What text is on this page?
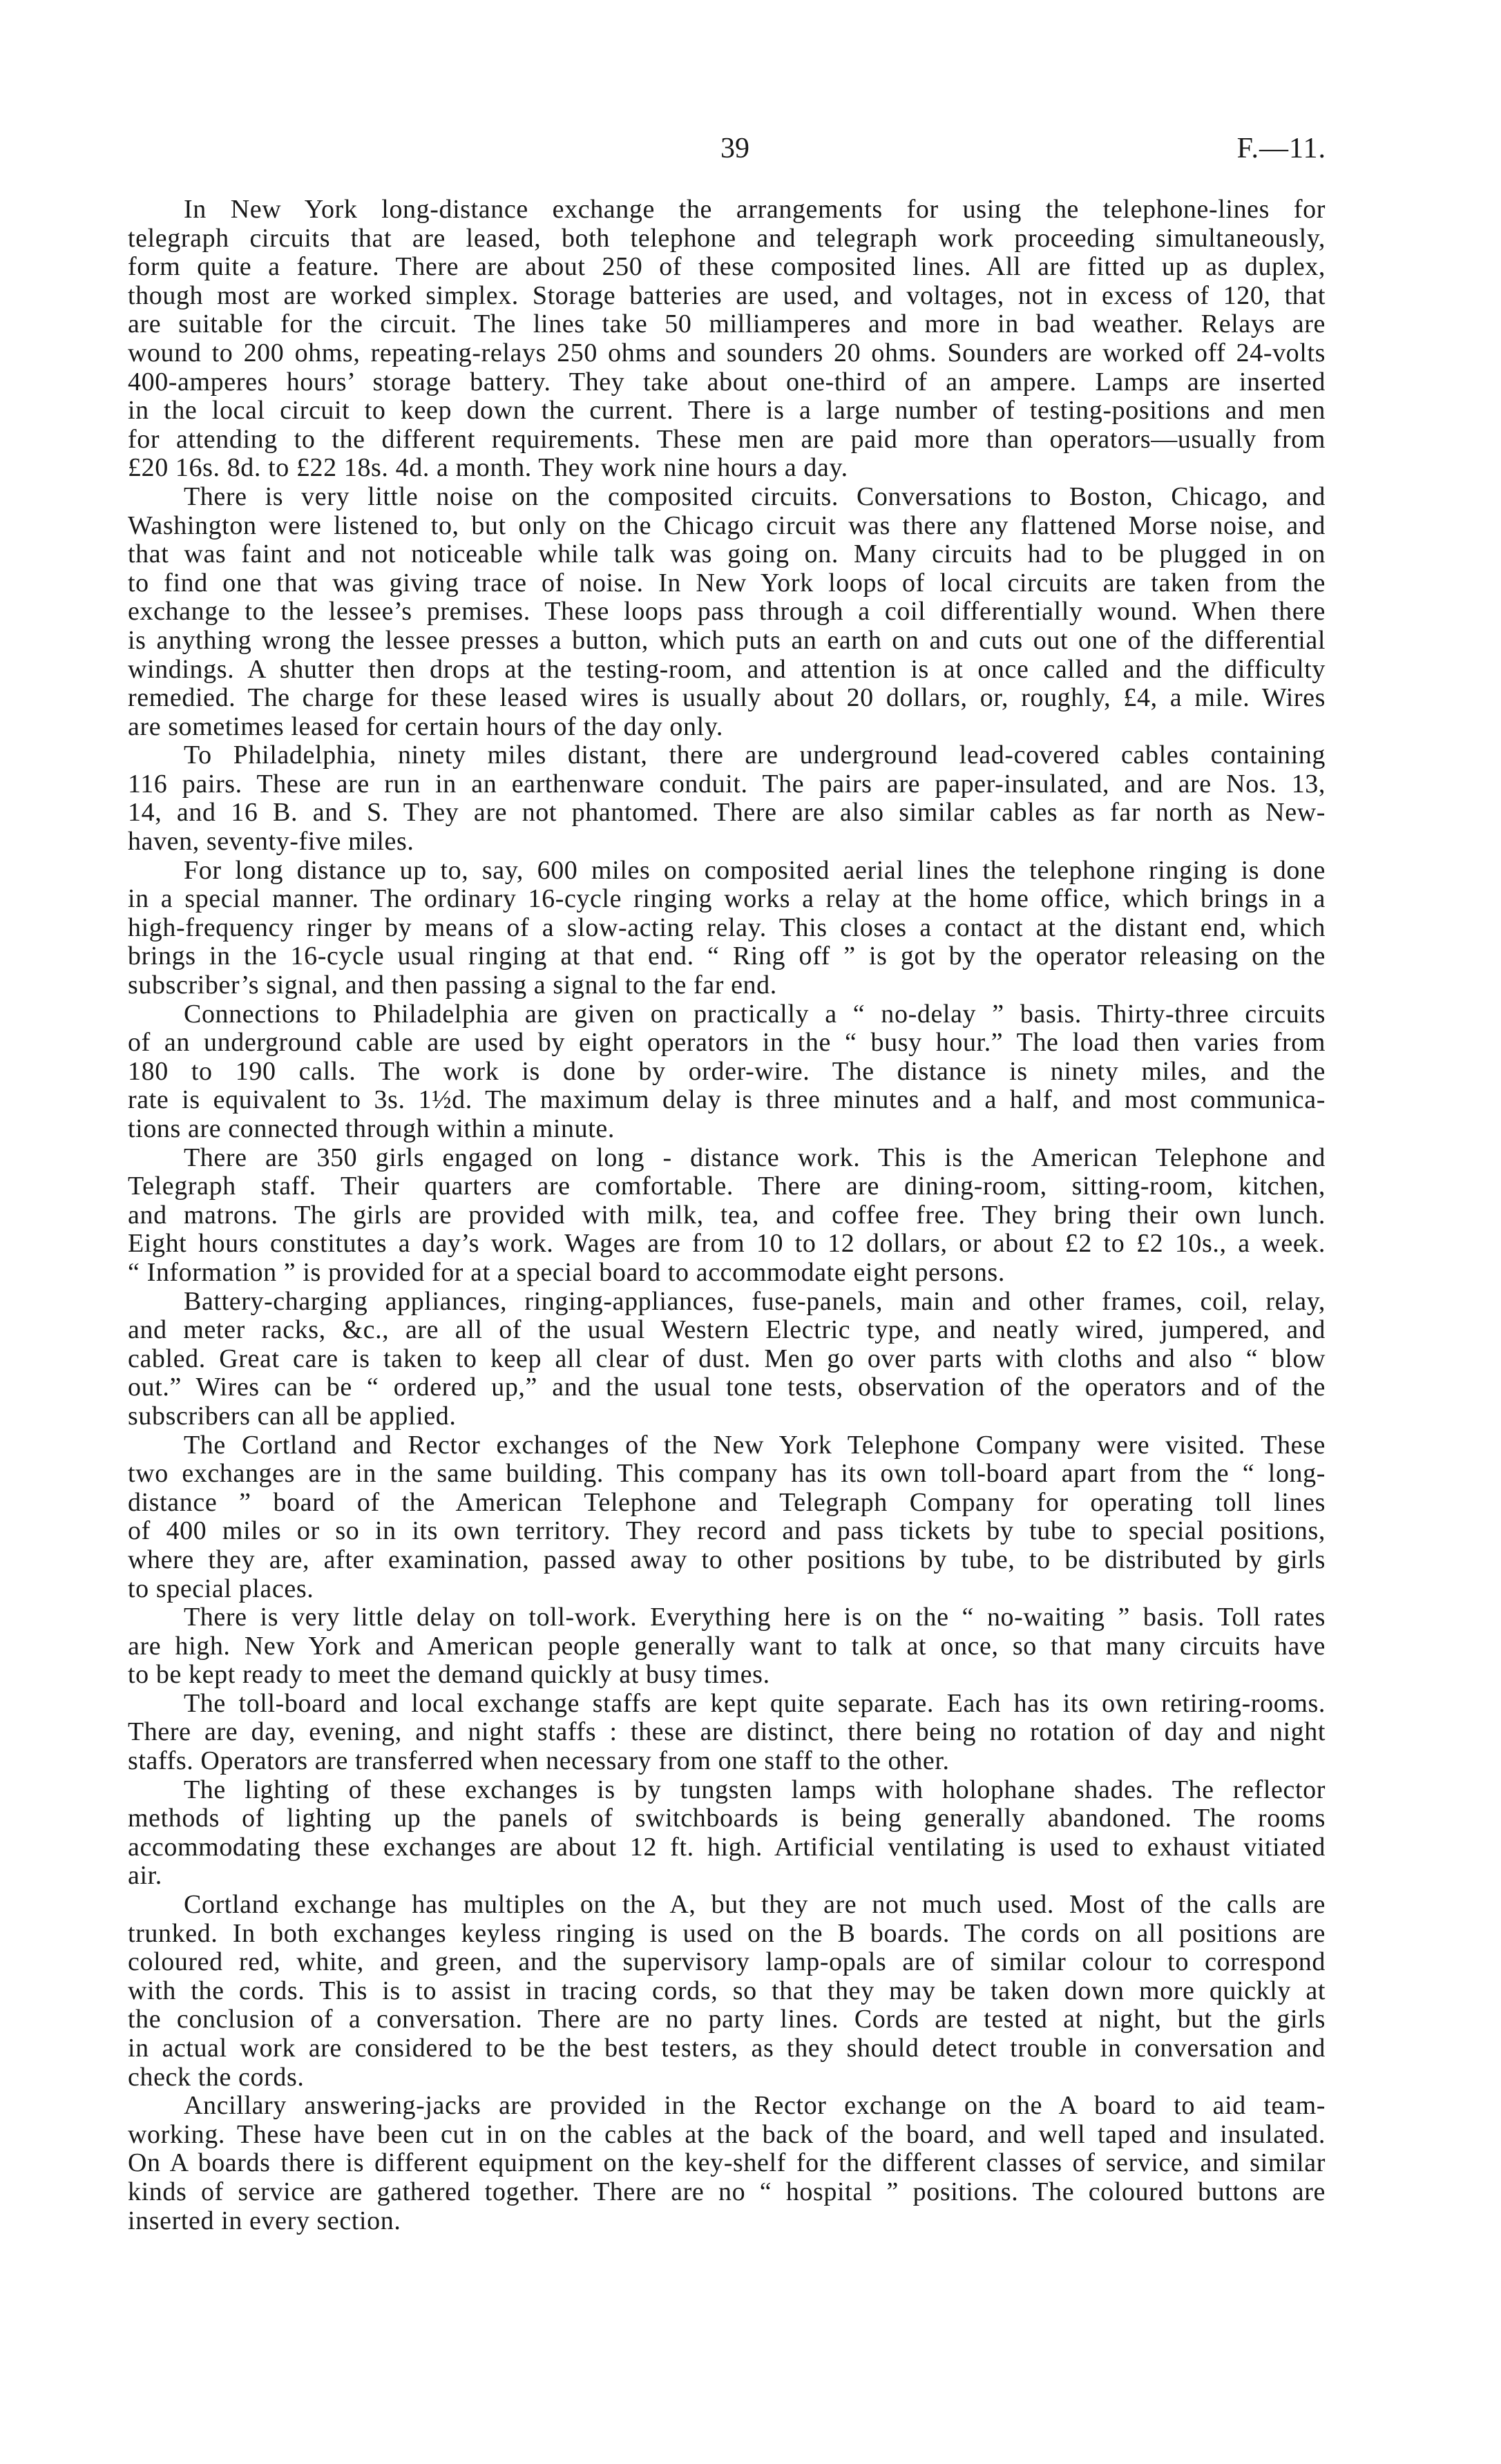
39	F.—11.
In New York long-distance exchange the arrangements for using the telephone-lines for
telegraph circuits that are leased, both telephone and telegraph work proceeding simultaneously,
form quite a feature. There are about 250 of these composited lines. All are fitted up as duplex,
though most are worked simplex. Storage batteries are used, and voltages, not in excess of 120, that
are suitable for the circuit. The lines take 50 milliamperes and more in bad weather. Relays are
wound to 200 ohms, repeating-relays 250 ohms and sounders 20 ohms. Sounders are worked off 24-volts
400-amperes hours’ storage battery. They take about one-third of an ampere. Lamps are inserted
in the local circuit to keep down the current. There is a large number of testing-positions and men
for attending to the different requirements. These men are paid more than operators—usually from
£20 16s. 8d. to £22 18s. 4d. a month. They work nine hours a day.
There is very little noise on the composited circuits. Conversations to Boston, Chicago, and
Washington were listened to, but only on the Chicago circuit was there any flattened Morse noise, and
that was faint and not noticeable while talk was going on. Many circuits had to be plugged in on
to find one that was giving trace of noise. In New York loops of local circuits are taken from the
exchange to the lessee’s premises. These loops pass through a coil differentially wound. When there
is anything wrong the lessee presses a button, which puts an earth on and cuts out one of the differential
windings. A shutter then drops at the testing-room, and attention is at once called and the difficulty
remedied. The charge for these leased wires is usually about 20 dollars, or, roughly, £4, a mile. Wires
are sometimes leased for certain hours of the day only.
To Philadelphia, ninety miles distant, there are underground lead-covered cables containing
116 pairs. These are run in an earthenware conduit. The pairs are paper-insulated, and are Nos. 13,
14, and 16 B. and S. They are not phantomed. There are also similar cables as far north as New-
haven, seventy-five miles.
For long distance up to, say, 600 miles on composited aerial lines the telephone ringing is done
in a special manner. The ordinary 16-cycle ringing works a relay at the home office, which brings in a
high-frequency ringer by means of a slow-acting relay. This closes a contact at the distant end, which
brings in the 16-cycle usual ringing at that end. “ Ring off ” is got by the operator releasing on the
subscriber’s signal, and then passing a signal to the far end.
Connections to Philadelphia are given on practically a “ no-delay ” basis. Thirty-three circuits
of an underground cable are used by eight operators in the “ busy hour.” The load then varies from
180 to 190 calls. The work is done by order-wire. The distance is ninety miles, and the
rate is equivalent to 3s. 1½d. The maximum delay is three minutes and a half, and most communica-
tions are connected through within a minute.
There are 350 girls engaged on long - distance work. This is the American Telephone and
Telegraph staff. Their quarters are comfortable. There are dining-room, sitting-room, kitchen,
and matrons. The girls are provided with milk, tea, and coffee free. They bring their own lunch.
Eight hours constitutes a day’s work. Wages are from 10 to 12 dollars, or about £2 to £2 10s., a week.
“ Information ” is provided for at a special board to accommodate eight persons.
Battery-charging appliances, ringing-appliances, fuse-panels, main and other frames, coil, relay,
and meter racks, &c., are all of the usual Western Electric type, and neatly wired, jumpered, and
cabled. Great care is taken to keep all clear of dust. Men go over parts with cloths and also “ blow
out.” Wires can be “ ordered up,” and the usual tone tests, observation of the operators and of the
subscribers can all be applied.
The Cortland and Rector exchanges of the New York Telephone Company were visited. These
two exchanges are in the same building. This company has its own toll-board apart from the “ long-
distance ” board of the American Telephone and Telegraph Company for operating toll lines
of 400 miles or so in its own territory. They record and pass tickets by tube to special positions,
where they are, after examination, passed away to other positions by tube, to be distributed by girls
to special places.
There is very little delay on toll-work. Everything here is on the “ no-waiting ” basis. Toll rates
are high. New York and American people generally want to talk at once, so that many circuits have
to be kept ready to meet the demand quickly at busy times.
The toll-board and local exchange staffs are kept quite separate. Each has its own retiring-rooms.
There are day, evening, and night staffs : these are distinct, there being no rotation of day and night
staffs. Operators are transferred when necessary from one staff to the other.
The lighting of these exchanges is by tungsten lamps with holophane shades. The reflector
methods of lighting up the panels of switchboards is being generally abandoned. The rooms
accommodating these exchanges are about 12 ft. high. Artificial ventilating is used to exhaust vitiated
air.
Cortland exchange has multiples on the A, but they are not much used. Most of the calls are
trunked. In both exchanges keyless ringing is used on the B boards. The cords on all positions are
coloured red, white, and green, and the supervisory lamp-opals are of similar colour to correspond
with the cords. This is to assist in tracing cords, so that they may be taken down more quickly at
the conclusion of a conversation. There are no party lines. Cords are tested at night, but the girls
in actual work are considered to be the best testers, as they should detect trouble in conversation and
check the cords.
Ancillary answering-jacks are provided in the Rector exchange on the A board to aid team-
working. These have been cut in on the cables at the back of the board, and well taped and insulated.
On A boards there is different equipment on the key-shelf for the different classes of service, and similar
kinds of service are gathered together. There are no “ hospital ” positions. The coloured buttons are
inserted in every section.
